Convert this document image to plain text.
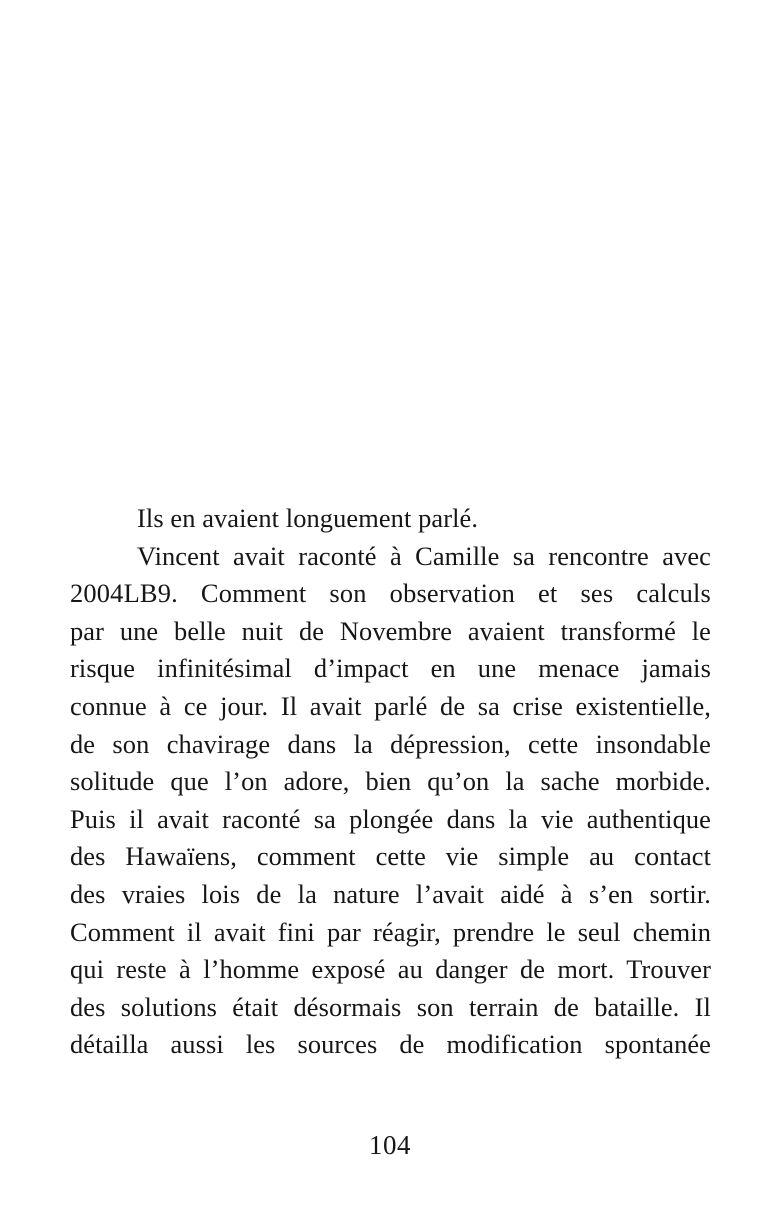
Ils en avaient longuement parlé.

Vincent avait raconté à Camille sa rencontre avec
2004LB9. Comment son observation et ses calculs
par une belle nuit de Novembre avaient transformé le
risque infinitésimal d’impact en une menace jamais
connue à ce jour. Il avait parlé de sa crise existentielle,
de son chavirage dans la dépression, cette insondable
solitude que l’on adore, bien qu’on la sache morbide.
Puis il avait raconté sa plongée dans la vie authentique
des Hawaïens, comment cette vie simple au contact
des vraies lois de la nature l’avait aidé à s’en sortir.
Comment il avait fini par réagir, prendre le seul chemin
qui reste à l’homme exposé au danger de mort. Trouver
des solutions était désormais son terrain de bataille. Il
détailla aussi les sources de modification spontanée

104
